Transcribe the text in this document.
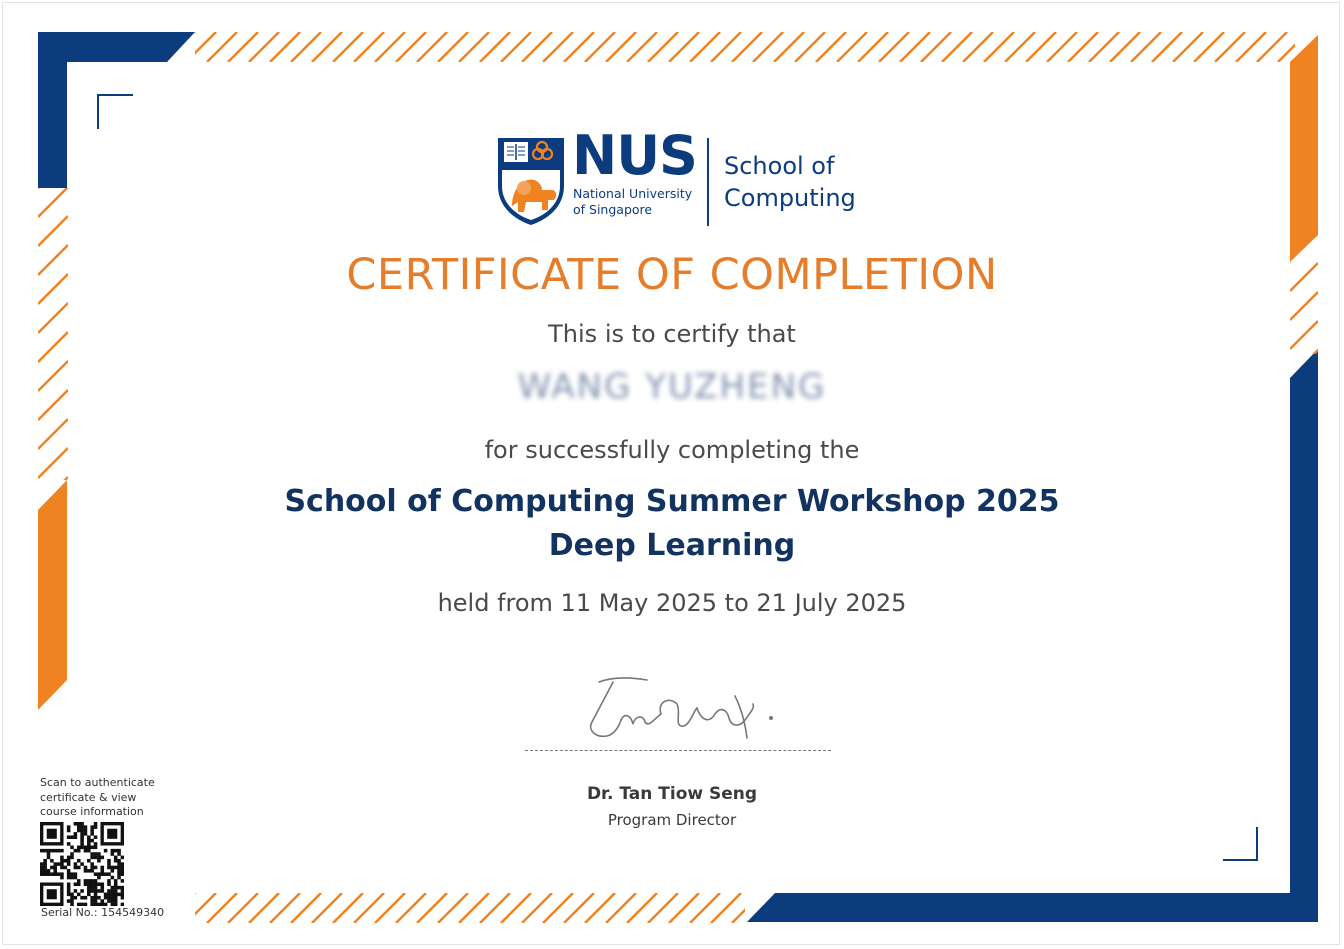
NUS
National University
of Singapore
School of
Computing
CERTIFICATE OF COMPLETION
This is to certify that
WANG YUZHENG
for successfully completing the
School of Computing Summer Workshop 2025
Deep Learning
held from 11 May 2025 to 21 July 2025
Dr. Tan Tiow Seng
Program Director
Scan to authenticate
certificate & view
course information
Serial No.: 154549340
